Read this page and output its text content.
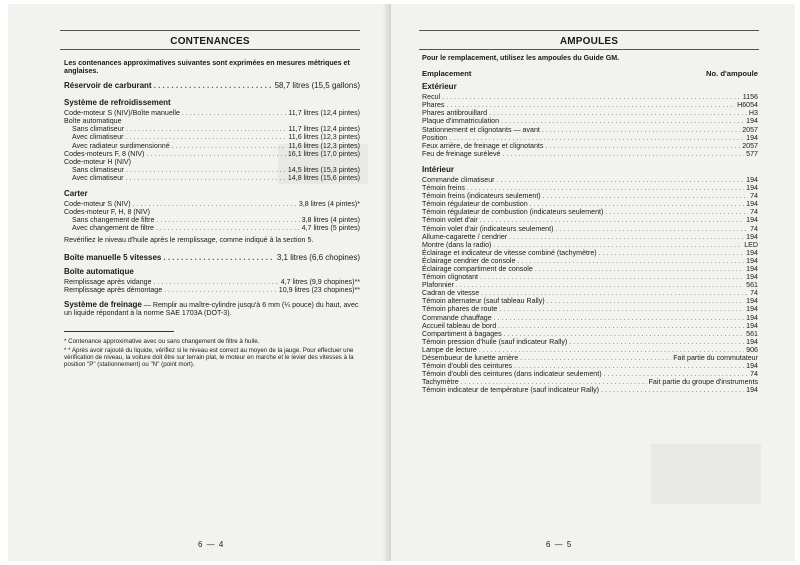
CONTENANCES

Les contenances approximatives suivantes sont exprimées en mesures métriques et anglaises.

Réservoir de carburant . . .	58,7 litres (15,5 gallons)
Système de refroidissement
Code-moteur S (NIV)/Boîte manuelle . . .	11,7 litres (12,4 pintes)
Boîte automatique
Sans climatiseur . . .	11,7 litres (12,4 pintes)
Avec climatiseur . . .	11,6 litres (12,3 pintes)
Avec radiateur surdimensionné . . .	11,6 litres (12,3 pintes)
Codes-moteurs F, 8 (NIV) . . .	16,1 litres (17,0 pintes)
Code-moteur H (NIV)
Sans climatiseur . . .	14,5 litres (15,3 pintes)
Avec climatiseur . . .	14,8 litres (15,6 pintes)
Carter
Code-moteur S (NIV) . . .	3,8 litres (4 pintes)*
Codes-moteur F, H, 8 (NIV)
Sans changement de filtre . . .	3,8 litres (4 pintes)
Avec changement de filtre . . .	4,7 litres (5 pintes)
Revérifiez le niveau d'huile après le remplissage, comme indiqué à la section 5.
Boîte manuelle 5 vitesses . . .	3,1 litres (6,6 chopines)
Boîte automatique
Remplissage après vidange . . .	4,7 litres (9,9 chopines)**
Remplissage après démontage . . .	10,9 litres (23 chopines)**
Système de freinage — Remplir au maître-cylindre jusqu'à 6 mm (¼ pouce) du haut, avec un liquide répondant à la norme SAE 1703A (DOT-3).
* Contenance approximative avec ou sans changement de filtre à huile.
* * Après avoir rajouté du liquide, vérifiez si le niveau est correct au moyen de la jauge. Pour effectuer une vérification de niveau, la voiture doit être sur terrain plat, le moteur en marche et le levier des vitesses à la position "P" (stationnement) ou "N" (point mort).
6 — 4
AMPOULES
Pour le remplacement, utilisez les ampoules du Guide GM.
Emplacement	No. d'ampoule
Extérieur
Recul . . .	1156
Phares . . .	H6054
Phares antibrouillard . . .	H3
Plaque d'immatriculation . . .	194
Stationnement et clignotants — avant . . .	2057
Position . . .	194
Feux arrière, de freinage et clignotants . . .	2057
Feu de freinage surélevé . . .	577
Intérieur
Commande climatiseur . . .	194
Témoin freins . . .	194
Témoin freins (indicateurs seulement) . . .	74
Témoin régulateur de combustion . . .	194
Témoin régulateur de combustion (indicateurs seulement) . . .	74
Témoin volet d'air . . .	194
Témoin volet d'air (indicateurs seulement) . . .	74
Allume-cagarette / cendrier . . .	194
Montre (dans la radio) . . .	LED
Éclairage et indicateur de vitesse combiné (tachymètre) . . .	194
Éclairage cendrier de console . . .	194
Éclairage compartiment de console . . .	194
Témoin clignotant . . .	194
Plafonnier . . .	561
Cadran de vitesse . . .	74
Témoin alternateur (sauf tableau Rally) . . .	194
Témoin phares de route . . .	194
Commande chauffage . . .	194
Accueil tableau de bord . . .	194
Compartiment à bagages . . .	561
Témoin pression d'huile (sauf indicateur Rally) . . .	194
Lampe de lecture . . .	906
Désembueur de lunette arrière . . .	Fait partie du commutateur
Témoin d'oubli des ceintures . . .	194
Témoin d'oubli des ceintures (dans indicateur seulement) . . .	74
Tachymètre . . .	Fait partie du groupe d'instruments
Témoin indicateur de température (sauf indicateur Rally) . . .	194
6 — 5
